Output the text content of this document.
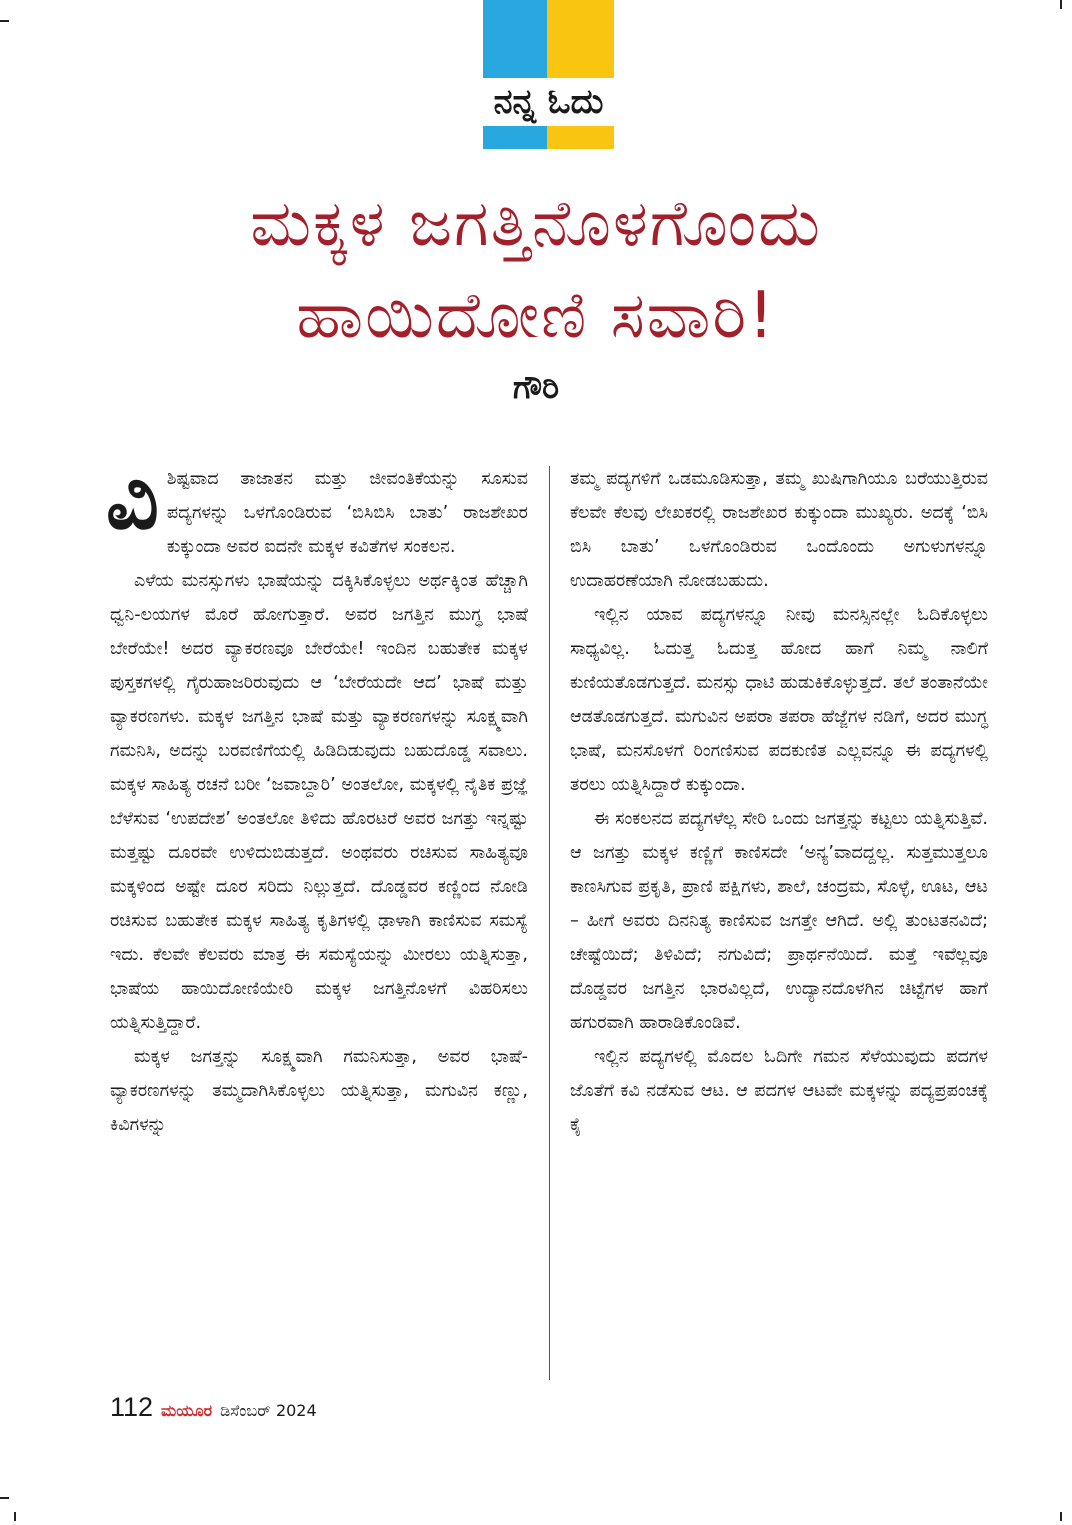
ನನ್ನ ಓದು
ಮಕ್ಕಳ ಜಗತ್ತಿನೊಳಗೊಂದು
ಹಾಯಿದೋಣಿ ಸವಾರಿ!
ಗೌರಿ

ವಿಶಿಷ್ಟವಾದ ತಾಜಾತನ ಮತ್ತು ಜೀವಂತಿಕೆಯನ್ನು ಸೂಸುವ ಪದ್ಯಗಳನ್ನು ಒಳಗೊಂಡಿರುವ ‘ಬಿಸಿಬಿಸಿ ಬಾತು’ ರಾಜಶೇಖರ ಕುಕ್ಕುಂದಾ ಅವರ ಐದನೇ ಮಕ್ಕಳ ಕವಿತೆಗಳ ಸಂಕಲನ.

ಎಳೆಯ ಮನಸ್ಸುಗಳು ಭಾಷೆಯನ್ನು ದಕ್ಕಿಸಿಕೊಳ್ಳಲು ಅರ್ಥಕ್ಕಿಂತ ಹೆಚ್ಚಾಗಿ ಧ್ವನಿ-ಲಯಗಳ ಮೊರೆ ಹೋಗುತ್ತಾರೆ. ಅವರ ಜಗತ್ತಿನ ಮುಗ್ಧ ಭಾಷೆ ಬೇರೆಯೇ! ಅದರ ವ್ಯಾಕರಣವೂ ಬೇರೆಯೇ! ಇಂದಿನ ಬಹುತೇಕ ಮಕ್ಕಳ ಪುಸ್ತಕಗಳಲ್ಲಿ ಗೈರುಹಾಜರಿರುವುದು ಆ ‘ಬೇರೆಯದೇ ಆದ’ ಭಾಷೆ ಮತ್ತು ವ್ಯಾಕರಣಗಳು. ಮಕ್ಕಳ ಜಗತ್ತಿನ ಭಾಷೆ ಮತ್ತು ವ್ಯಾಕರಣಗಳನ್ನು ಸೂಕ್ಷ್ಮವಾಗಿ ಗಮನಿಸಿ, ಅದನ್ನು ಬರವಣಿಗೆಯಲ್ಲಿ ಹಿಡಿದಿಡುವುದು ಬಹುದೊಡ್ಡ ಸವಾಲು. ಮಕ್ಕಳ ಸಾಹಿತ್ಯ ರಚನೆ ಬರೀ ‘ಜವಾಬ್ದಾರಿ’ ಅಂತಲೋ, ಮಕ್ಕಳಲ್ಲಿ ನೈತಿಕ ಪ್ರಜ್ಞೆ ಬೆಳೆಸುವ ‘ಉಪದೇಶ’ ಅಂತಲೋ ತಿಳಿದು ಹೊರಟರೆ ಅವರ ಜಗತ್ತು ಇನ್ನಷ್ಟು ಮತ್ತಷ್ಟು ದೂರವೇ ಉಳಿದುಬಿಡುತ್ತದೆ. ಅಂಥವರು ರಚಿಸುವ ಸಾಹಿತ್ಯವೂ ಮಕ್ಕಳಿಂದ ಅಷ್ಟೇ ದೂರ ಸರಿದು ನಿಲ್ಲುತ್ತದೆ. ದೊಡ್ಡವರ ಕಣ್ಣಿಂದ ನೋಡಿ ರಚಿಸುವ ಬಹುತೇಕ ಮಕ್ಕಳ ಸಾಹಿತ್ಯ ಕೃತಿಗಳಲ್ಲಿ ಢಾಳಾಗಿ ಕಾಣಿಸುವ ಸಮಸ್ಯೆ ಇದು. ಕೆಲವೇ ಕೆಲವರು ಮಾತ್ರ ಈ ಸಮಸ್ಯೆಯನ್ನು ಮೀರಲು ಯತ್ನಿಸುತ್ತಾ, ಭಾಷೆಯ ಹಾಯಿದೋಣಿಯೇರಿ ಮಕ್ಕಳ ಜಗತ್ತಿನೊಳಗೆ ವಿಹರಿಸಲು ಯತ್ನಿಸುತ್ತಿದ್ದಾರೆ.

ಮಕ್ಕಳ ಜಗತ್ತನ್ನು ಸೂಕ್ಷ್ಮವಾಗಿ ಗಮನಿಸುತ್ತಾ, ಅವರ ಭಾಷೆ-ವ್ಯಾಕರಣಗಳನ್ನು ತಮ್ಮದಾಗಿಸಿಕೊಳ್ಳಲು ಯತ್ನಿಸುತ್ತಾ, ಮಗುವಿನ ಕಣ್ಣು, ಕಿವಿಗಳನ್ನು

ತಮ್ಮ ಪದ್ಯಗಳಿಗೆ ಒಡಮೂಡಿಸುತ್ತಾ, ತಮ್ಮ ಖುಷಿಗಾಗಿಯೂ ಬರೆಯುತ್ತಿರುವ ಕೆಲವೇ ಕೆಲವು ಲೇಖಕರಲ್ಲಿ ರಾಜಶೇಖರ ಕುಕ್ಕುಂದಾ ಮುಖ್ಯರು. ಅದಕ್ಕೆ ‘ಬಿಸಿ ಬಿಸಿ ಬಾತು’ ಒಳಗೊಂಡಿರುವ ಒಂದೊಂದು ಅಗುಳುಗಳನ್ನೂ ಉದಾಹರಣೆಯಾಗಿ ನೋಡಬಹುದು.

ಇಲ್ಲಿನ ಯಾವ ಪದ್ಯಗಳನ್ನೂ ನೀವು ಮನಸ್ಸಿನಲ್ಲೇ ಓದಿಕೊಳ್ಳಲು ಸಾಧ್ಯವಿಲ್ಲ. ಓದುತ್ತ ಓದುತ್ತ ಹೋದ ಹಾಗೆ ನಿಮ್ಮ ನಾಲಿಗೆ ಕುಣಿಯತೊಡಗುತ್ತದೆ. ಮನಸ್ಸು ಧಾಟಿ ಹುಡುಕಿಕೊಳ್ಳುತ್ತದೆ. ತಲೆ ತಂತಾನೆಯೇ ಆಡತೊಡಗುತ್ತದೆ. ಮಗುವಿನ ಅಪರಾ ತಪರಾ ಹೆಜ್ಜೆಗಳ ನಡಿಗೆ, ಅದರ ಮುಗ್ಧ ಭಾಷೆ, ಮನಸೊಳಗೆ ರಿಂಗಣಿಸುವ ಪದಕುಣಿತ ಎಲ್ಲವನ್ನೂ ಈ ಪದ್ಯಗಳಲ್ಲಿ ತರಲು ಯತ್ನಿಸಿದ್ದಾರೆ ಕುಕ್ಕುಂದಾ.

ಈ ಸಂಕಲನದ ಪದ್ಯಗಳೆಲ್ಲ ಸೇರಿ ಒಂದು ಜಗತ್ತನ್ನು ಕಟ್ಟಲು ಯತ್ನಿಸುತ್ತಿವೆ. ಆ ಜಗತ್ತು ಮಕ್ಕಳ ಕಣ್ಣಿಗೆ ಕಾಣಿಸದೇ ‘ಅನ್ಯ’ವಾದದ್ದಲ್ಲ. ಸುತ್ತಮುತ್ತಲೂ ಕಾಣಸಿಗುವ ಪ್ರಕೃತಿ, ಪ್ರಾಣಿ ಪಕ್ಷಿಗಳು, ಶಾಲೆ, ಚಂದ್ರಮ, ಸೊಳ್ಳೆ, ಊಟ, ಆಟ – ಹೀಗೆ ಅವರು ದಿನನಿತ್ಯ ಕಾಣಿಸುವ ಜಗತ್ತೇ ಆಗಿದೆ. ಅಲ್ಲಿ ತುಂಟತನವಿದೆ; ಚೇಷ್ಟೆಯಿದೆ; ತಿಳಿವಿದೆ; ನಗುವಿದೆ; ಪ್ರಾರ್ಥನೆಯಿದೆ. ಮತ್ತೆ ಇವೆಲ್ಲವೂ ದೊಡ್ಡವರ ಜಗತ್ತಿನ ಭಾರವಿಲ್ಲದೆ, ಉದ್ಯಾನದೊಳಗಿನ ಚಿಟ್ಟೆಗಳ ಹಾಗೆ ಹಗುರವಾಗಿ ಹಾರಾಡಿಕೊಂಡಿವೆ.

ಇಲ್ಲಿನ ಪದ್ಯಗಳಲ್ಲಿ ಮೊದಲ ಓದಿಗೇ ಗಮನ ಸೆಳೆಯುವುದು ಪದಗಳ ಜೊತೆಗೆ ಕವಿ ನಡೆಸುವ ಆಟ. ಆ ಪದಗಳ ಆಟವೇ ಮಕ್ಕಳನ್ನು ಪದ್ಯಪ್ರಪಂಚಕ್ಕೆ ಕೈ

112 ಮಯೂರ ಡಿಸೆಂಬರ್ 2024
